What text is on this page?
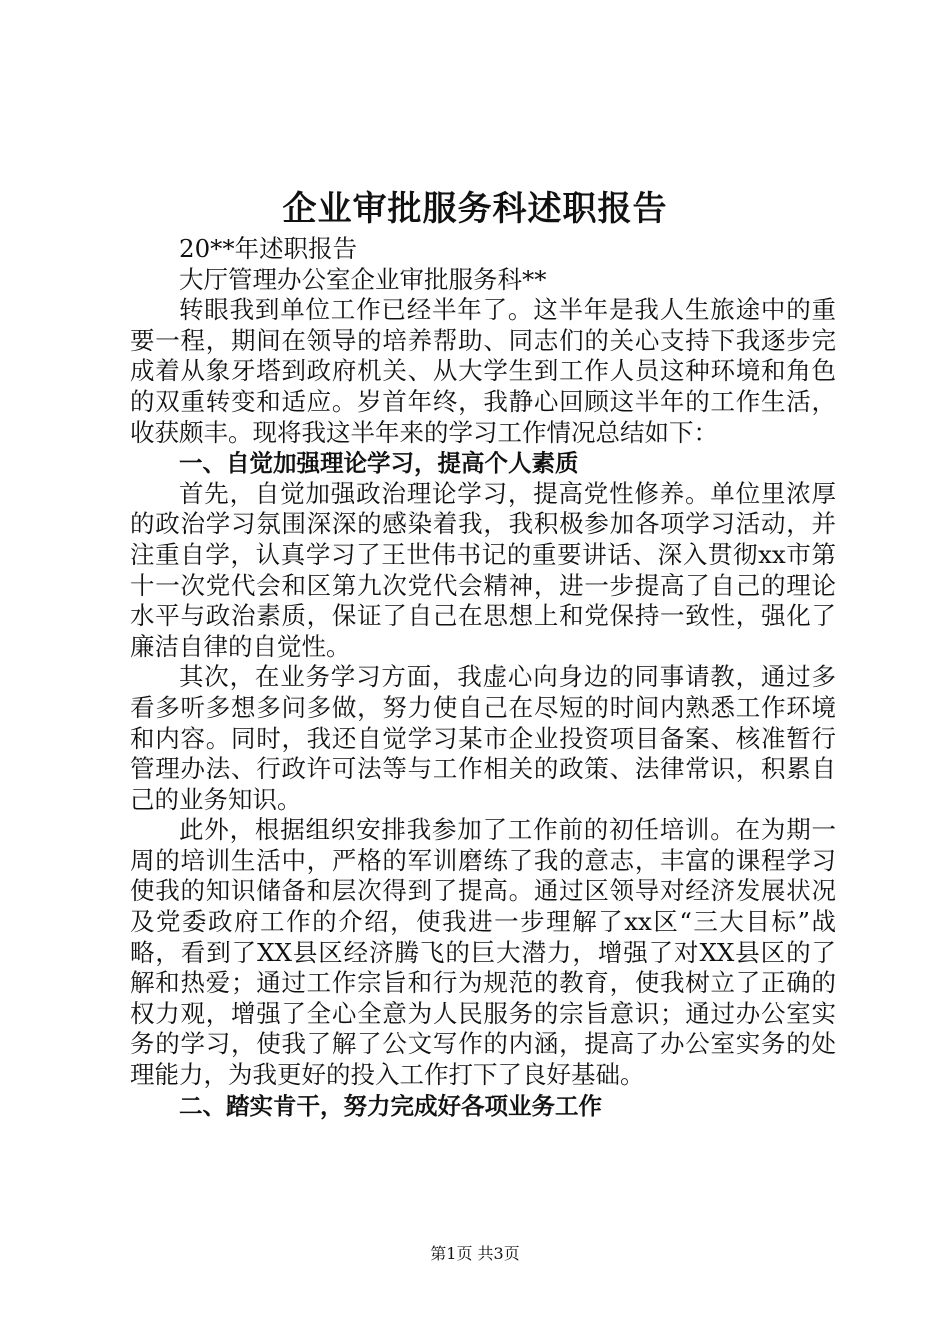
企业审批服务科述职报告

20**年述职报告

大厅管理办公室企业审批服务科**

转眼我到单位工作已经半年了。这半年是我人生旅途中的重要一程，期间在领导的培养帮助、同志们的关心支持下我逐步完成着从象牙塔到政府机关、从大学生到工作人员这种环境和角色的双重转变和适应。岁首年终，我静心回顾这半年的工作生活，收获颇丰。现将我这半年来的学习工作情况总结如下：

一、自觉加强理论学习，提高个人素质

首先，自觉加强政治理论学习，提高党性修养。单位里浓厚的政治学习氛围深深的感染着我，我积极参加各项学习活动，并注重自学，认真学习了王世伟书记的重要讲话、深入贯彻xx市第十一次党代会和区第九次党代会精神，进一步提高了自己的理论水平与政治素质，保证了自己在思想上和党保持一致性，强化了廉洁自律的自觉性。

其次，在业务学习方面，我虚心向身边的同事请教，通过多看多听多想多问多做，努力使自己在尽短的时间内熟悉工作环境和内容。同时，我还自觉学习某市企业投资项目备案、核准暂行管理办法、行政许可法等与工作相关的政策、法律常识，积累自己的业务知识。

此外，根据组织安排我参加了工作前的初任培训。在为期一周的培训生活中，严格的军训磨练了我的意志，丰富的课程学习使我的知识储备和层次得到了提高。通过区领导对经济发展状况及党委政府工作的介绍，使我进一步理解了xx区“三大目标”战略，看到了XX县区经济腾飞的巨大潜力，增强了对XX县区的了解和热爱；通过工作宗旨和行为规范的教育，使我树立了正确的权力观，增强了全心全意为人民服务的宗旨意识；通过办公室实务的学习，使我了解了公文写作的内涵，提高了办公室实务的处理能力，为我更好的投入工作打下了良好基础。

二、踏实肯干，努力完成好各项业务工作

第1页 共3页
